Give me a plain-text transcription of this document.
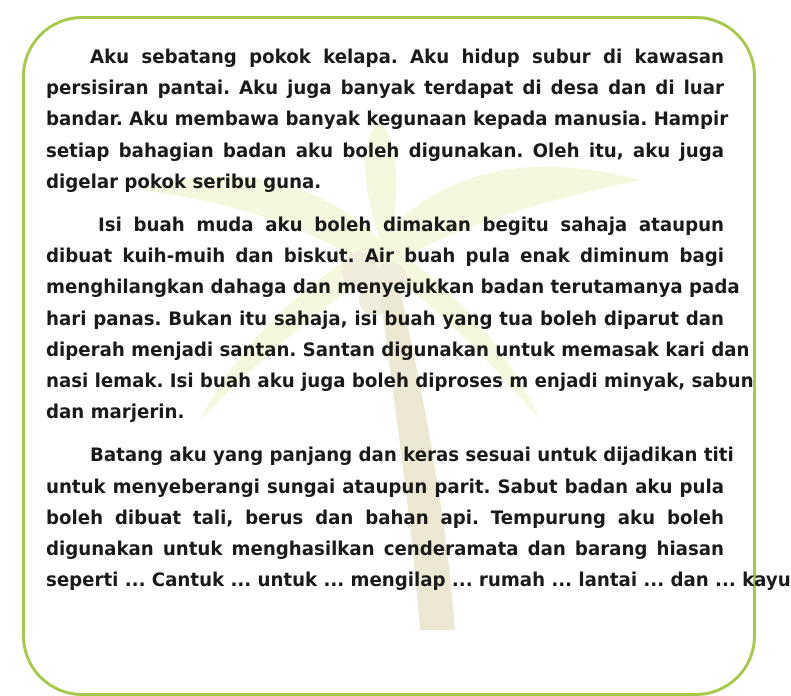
Aku sebatang pokok kelapa. Aku hidup subur di kawasan
persisiran pantai. Aku juga banyak terdapat di desa dan di luar
bandar. Aku membawa banyak kegunaan kepada manusia. Hampir
setiap bahagian badan aku boleh digunakan. Oleh itu, aku juga
digelar pokok seribu guna.
Isi buah muda aku boleh dimakan begitu sahaja ataupun
dibuat kuih-muih dan biskut. Air buah pula enak diminum bagi
menghilangkan dahaga dan menyejukkan badan terutamanya pada
hari panas. Bukan itu sahaja, isi buah yang tua boleh diparut dan
diperah menjadi santan. Santan digunakan untuk memasak kari dan
nasi lemak. Isi buah aku juga boleh diproses m enjadi minyak, sabun
dan marjerin.
Batang aku yang panjang dan keras sesuai untuk dijadikan titi
untuk menyeberangi sungai ataupun parit. Sabut badan aku pula
boleh dibuat tali, berus dan bahan api. Tempurung aku boleh
digunakan untuk menghasilkan cenderamata dan barang hiasan
seperti ... Cantuk ... untuk ... mengilap ... rumah ... lantai ... dan ... kayu
